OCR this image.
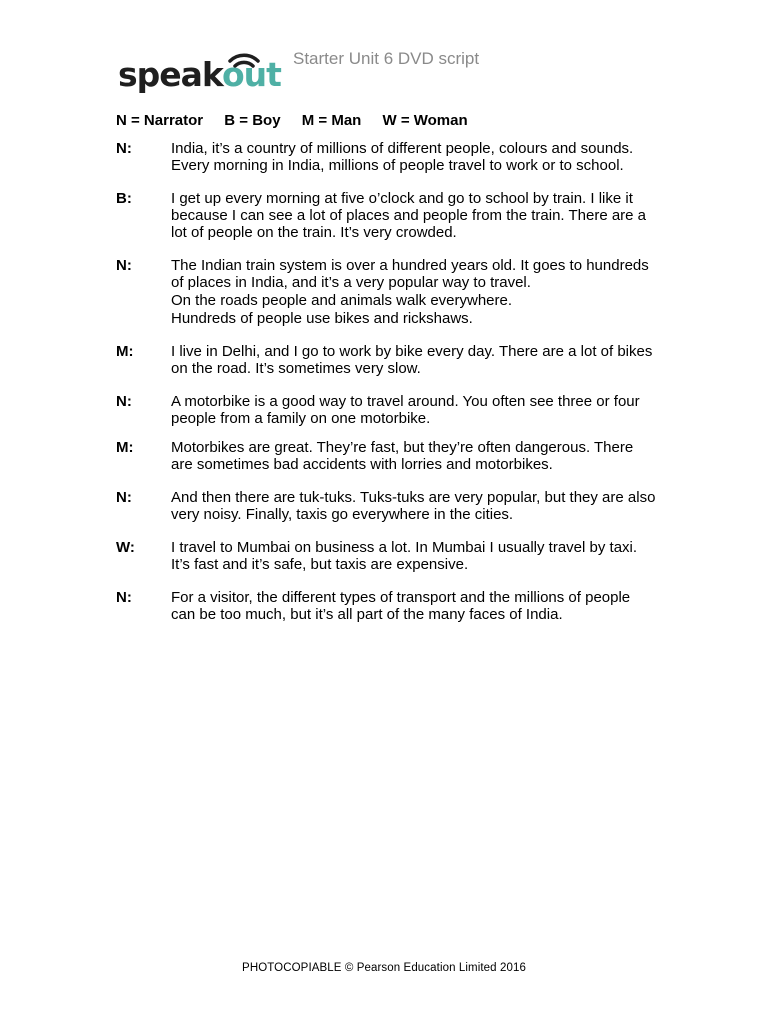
speak out Starter Unit 6 DVD script
N = Narrator B = Boy M = Man W = Woman
N:	India, it’s a country of millions of different people, colours and sounds. Every morning in India, millions of people travel to work or to school.
B:	I get up every morning at five o’clock and go to school by train. I like it because I can see a lot of places and people from the train. There are a lot of people on the train. It’s very crowded.
N:	The Indian train system is over a hundred years old. It goes to hundreds of places in India, and it’s a very popular way to travel.
On the roads people and animals walk everywhere.
Hundreds of people use bikes and rickshaws.
M:	I live in Delhi, and I go to work by bike every day. There are a lot of bikes on the road. It’s sometimes very slow.
N:	A motorbike is a good way to travel around. You often see three or four people from a family on one motorbike.
M:	Motorbikes are great. They’re fast, but they’re often dangerous. There are sometimes bad accidents with lorries and motorbikes.
N:	And then there are tuk-tuks. Tuks-tuks are very popular, but they are also very noisy. Finally, taxis go everywhere in the cities.
W:	I travel to Mumbai on business a lot. In Mumbai I usually travel by taxi. It’s fast and it’s safe, but taxis are expensive.
N:	For a visitor, the different types of transport and the millions of people can be too much, but it’s all part of the many faces of India.
PHOTOCOPIABLE © Pearson Education Limited 2016
